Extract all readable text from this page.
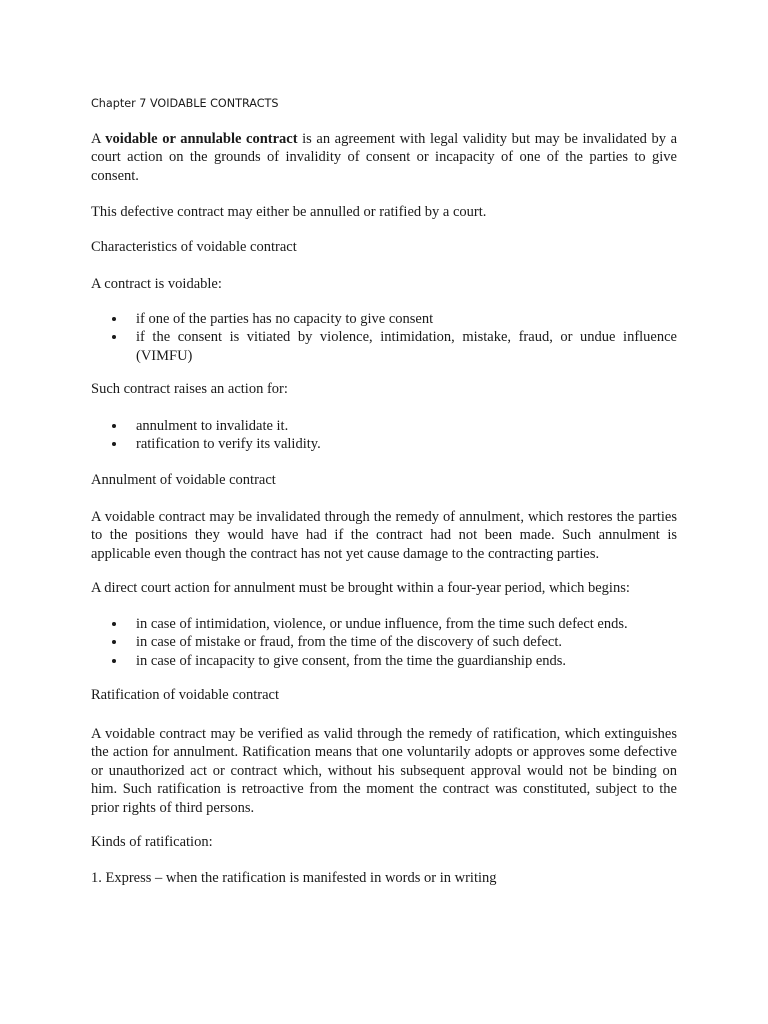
Chapter 7 VOIDABLE CONTRACTS

A voidable or annulable contract is an agreement with legal validity but may be invalidated by a court action on the grounds of invalidity of consent or incapacity of one of the parties to give consent.

This defective contract may either be annulled or ratified by a court.

Characteristics of voidable contract

A contract is voidable:

if one of the parties has no capacity to give consent
if the consent is vitiated by violence, intimidation, mistake, fraud, or undue influence (VIMFU)

Such contract raises an action for:

annulment to invalidate it.
ratification to verify its validity.

Annulment of voidable contract

A voidable contract may be invalidated through the remedy of annulment, which restores the parties to the positions they would have had if the contract had not been made. Such annulment is applicable even though the contract has not yet cause damage to the contracting parties.

A direct court action for annulment must be brought within a four-year period, which begins:

in case of intimidation, violence, or undue influence, from the time such defect ends.
in case of mistake or fraud, from the time of the discovery of such defect.
in case of incapacity to give consent, from the time the guardianship ends.

Ratification of voidable contract

A voidable contract may be verified as valid through the remedy of ratification, which extinguishes the action for annulment. Ratification means that one voluntarily adopts or approves some defective or unauthorized act or contract which, without his subsequent approval would not be binding on him. Such ratification is retroactive from the moment the contract was constituted, subject to the prior rights of third persons.

Kinds of ratification:

1. Express – when the ratification is manifested in words or in writing
